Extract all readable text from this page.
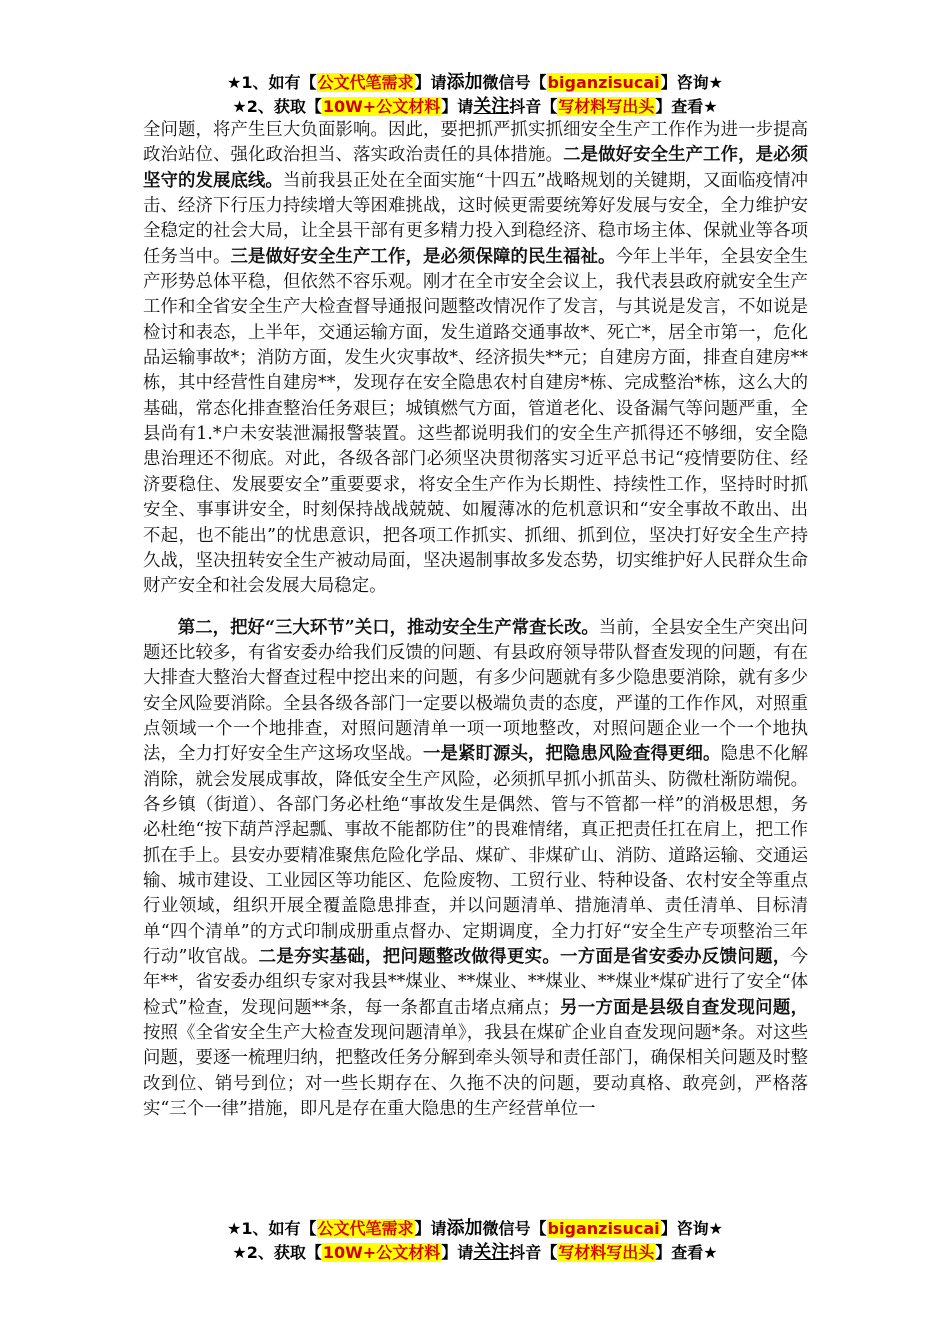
★1、如有【公文代笔需求】请添加微信号【biganzisucai】咨询★
★2、获取【10W+公文材料】请关注抖音【写材料写出头】查看★

全问题，将产生巨大负面影响。因此，要把抓严抓实抓细安全生产工作作为进一步提高政治站位、强化政治担当、落实政治责任的具体措施。二是做好安全生产工作，是必须坚守的发展底线。当前我县正处在全面实施“十四五”战略规划的关键期，又面临疫情冲击、经济下行压力持续增大等困难挑战，这时候更需要统筹好发展与安全，全力维护安全稳定的社会大局，让全县干部有更多精力投入到稳经济、稳市场主体、保就业等各项任务当中。三是做好安全生产工作，是必须保障的民生福祉。今年上半年，全县安全生产形势总体平稳，但依然不容乐观。刚才在全市安全会议上，我代表县政府就安全生产工作和全省安全生产大检查督导通报问题整改情况作了发言，与其说是发言，不如说是检讨和表态，上半年，交通运输方面，发生道路交通事故*、死亡*，居全市第一，危化品运输事故*；消防方面，发生火灾事故*、经济损失**元；自建房方面，排查自建房**栋，其中经营性自建房**，发现存在安全隐患农村自建房*栋、完成整治*栋，这么大的基础，常态化排查整治任务艰巨；城镇燃气方面，管道老化、设备漏气等问题严重，全县尚有1.*户未安装泄漏报警装置。这些都说明我们的安全生产抓得还不够细，安全隐患治理还不彻底。对此，各级各部门必须坚决贯彻落实习近平总书记“疫情要防住、经济要稳住、发展要安全”重要要求，将安全生产作为长期性、持续性工作，坚持时时抓安全、事事讲安全，时刻保持战战兢兢、如履薄冰的危机意识和“安全事故不敢出、出不起，也不能出”的忧患意识，把各项工作抓实、抓细、抓到位，坚决打好安全生产持久战，坚决扭转安全生产被动局面，坚决遏制事故多发态势，切实维护好人民群众生命财产安全和社会发展大局稳定。

第二，把好“三大环节”关口，推动安全生产常查长改。当前，全县安全生产突出问题还比较多，有省安委办给我们反馈的问题、有县政府领导带队督查发现的问题，有在大排查大整治大督查过程中挖出来的问题，有多少问题就有多少隐患要消除，就有多少安全风险要消除。全县各级各部门一定要以极端负责的态度，严谨的工作作风，对照重点领域一个一个地排查，对照问题清单一项一项地整改，对照问题企业一个一个地执法，全力打好安全生产这场攻坚战。一是紧盯源头，把隐患风险查得更细。隐患不化解消除，就会发展成事故，降低安全生产风险，必须抓早抓小抓苗头、防微杜渐防端倪。各乡镇（街道）、各部门务必杜绝“事故发生是偶然、管与不管都一样”的消极思想，务必杜绝“按下葫芦浮起瓢、事故不能都防住”的畏难情绪，真正把责任扛在肩上，把工作抓在手上。县安办要精准聚焦危险化学品、煤矿、非煤矿山、消防、道路运输、交通运输、城市建设、工业园区等功能区、危险废物、工贸行业、特种设备、农村安全等重点行业领域，组织开展全覆盖隐患排查，并以问题清单、措施清单、责任清单、目标清单“四个清单”的方式印制成册重点督办、定期调度，全力打好“安全生产专项整治三年行动”收官战。二是夯实基础，把问题整改做得更实。一方面是省安委办反馈问题，今年**，省安委办组织专家对我县**煤业、**煤业、**煤业、**煤业*煤矿进行了安全“体检式”检查，发现问题**条，每一条都直击堵点痛点；另一方面是县级自查发现问题，按照《全省安全生产大检查发现问题清单》，我县在煤矿企业自查发现问题*条。对这些问题，要逐一梳理归纳，把整改任务分解到牵头领导和责任部门，确保相关问题及时整改到位、销号到位；对一些长期存在、久拖不决的问题，要动真格、敢亮剑，严格落实“三个一律”措施，即凡是存在重大隐患的生产经营单位一

★1、如有【公文代笔需求】请添加微信号【biganzisucai】咨询★
★2、获取【10W+公文材料】请关注抖音【写材料写出头】查看★
